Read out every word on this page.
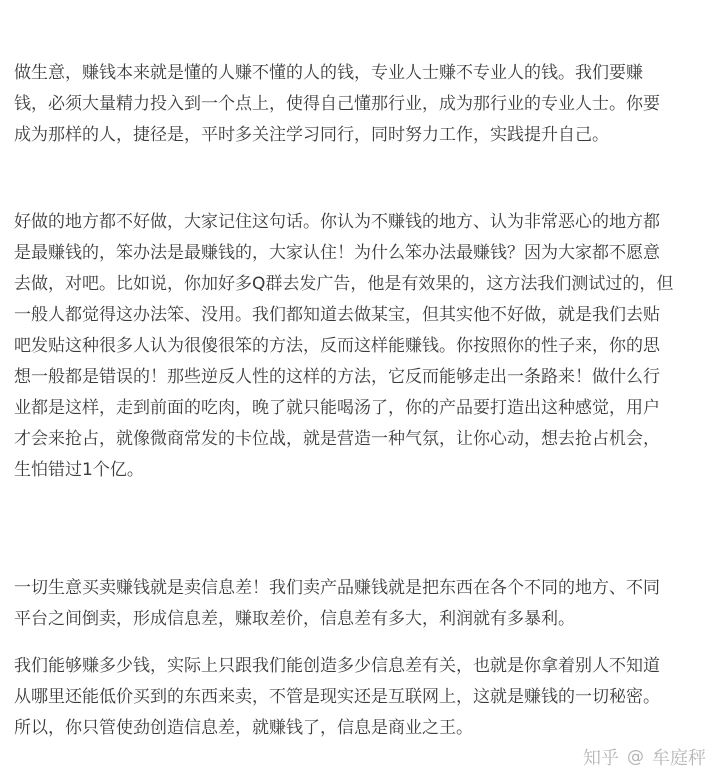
做生意，赚钱本来就是懂的人赚不懂的人的钱，专业人士赚不专业人的钱。我们要赚
钱，必须大量精力投入到一个点上，使得自己懂那行业，成为那行业的专业人士。你要
成为那样的人，捷径是，平时多关注学习同行，同时努力工作，实践提升自己。

好做的地方都不好做，大家记住这句话。你认为不赚钱的地方、认为非常恶心的地方都
是最赚钱的，笨办法是最赚钱的，大家认住！为什么笨办法最赚钱？因为大家都不愿意
去做，对吧。比如说，你加好多Q群去发广告，他是有效果的，这方法我们测试过的，但
一般人都觉得这办法笨、没用。我们都知道去做某宝，但其实他不好做，就是我们去贴
吧发贴这种很多人认为很傻很笨的方法，反而这样能赚钱。你按照你的性子来，你的思
想一般都是错误的！那些逆反人性的这样的方法，它反而能够走出一条路来！做什么行
业都是这样，走到前面的吃肉，晚了就只能喝汤了，你的产品要打造出这种感觉，用户
才会来抢占，就像微商常发的卡位战，就是营造一种气氛，让你心动，想去抢占机会，
生怕错过1个亿。

一切生意买卖赚钱就是卖信息差！我们卖产品赚钱就是把东西在各个不同的地方、不同
平台之间倒卖，形成信息差，赚取差价，信息差有多大，利润就有多暴利。

我们能够赚多少钱，实际上只跟我们能创造多少信息差有关，也就是你拿着别人不知道
从哪里还能低价买到的东西来卖，不管是现实还是互联网上，这就是赚钱的一切秘密。
所以，你只管使劲创造信息差，就赚钱了，信息是商业之王。

知乎 @ 牟庭秤
